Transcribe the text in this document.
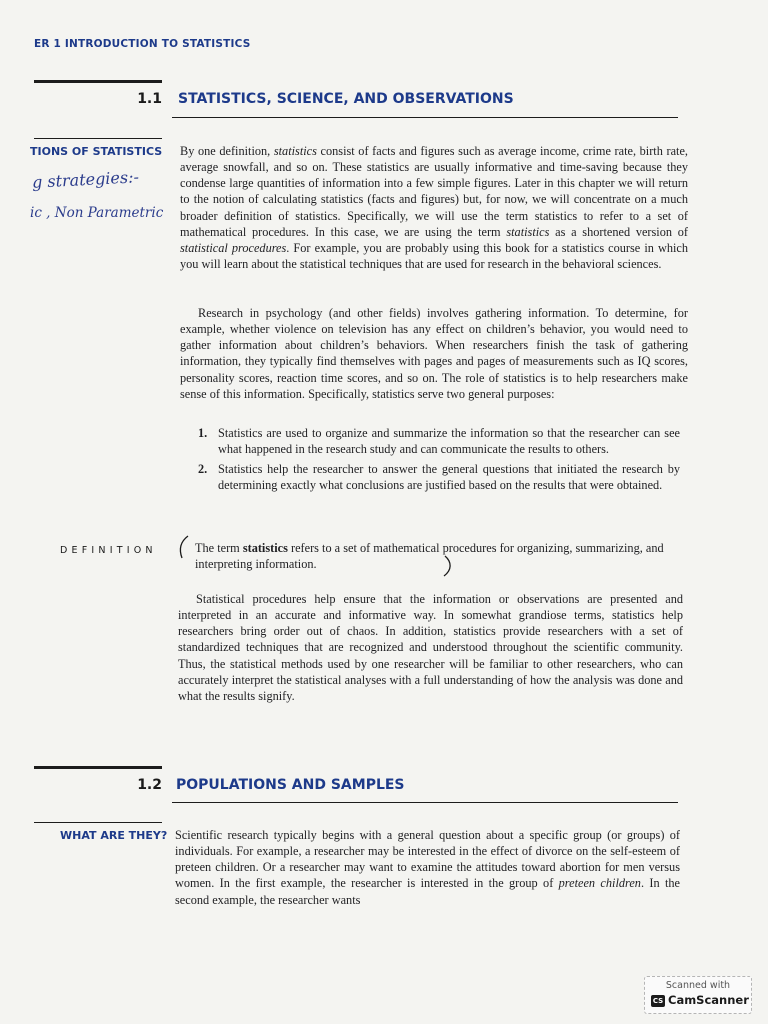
ER 1 INTRODUCTION TO STATISTICS
1.1 STATISTICS, SCIENCE, AND OBSERVATIONS
TIONS OF STATISTICS
g strategies:-
ic , Non Parametric

By one definition, statistics consist of facts and figures such as average income, crime rate, birth rate, average snowfall, and so on. These statistics are usually informative and time-saving because they condense large quantities of information into a few simple figures. Later in this chapter we will return to the notion of calculating statistics (facts and figures) but, for now, we will concentrate on a much broader definition of statistics. Specifically, we will use the term statistics to refer to a set of mathematical procedures. In this case, we are using the term statistics as a shortened version of statistical procedures. For example, you are probably using this book for a statistics course in which you will learn about the statistical techniques that are used for research in the behavioral sciences.

Research in psychology (and other fields) involves gathering information. To determine, for example, whether violence on television has any effect on children’s behavior, you would need to gather information about children’s behaviors. When researchers finish the task of gathering information, they typically find themselves with pages and pages of measurements such as IQ scores, personality scores, reaction time scores, and so on. The role of statistics is to help researchers make sense of this information. Specifically, statistics serve two general purposes:

1. Statistics are used to organize and summarize the information so that the researcher can see what happened in the research study and can communicate the results to others.
2. Statistics help the researcher to answer the general questions that initiated the research by determining exactly what conclusions are justified based on the results that were obtained.
DEFINITION	The term statistics refers to a set of mathematical procedures for organizing, summarizing, and interpreting information.

Statistical procedures help ensure that the information or observations are presented and interpreted in an accurate and informative way. In somewhat grandiose terms, statistics help researchers bring order out of chaos. In addition, statistics provide researchers with a set of standardized techniques that are recognized and understood throughout the scientific community. Thus, the statistical methods used by one researcher will be familiar to other researchers, who can accurately interpret the statistical analyses with a full understanding of how the analysis was done and what the results signify.

1.2 POPULATIONS AND SAMPLES
WHAT ARE THEY? Scientific research typically begins with a general question about a specific group (or groups) of individuals. For example, a researcher may be interested in the effect of divorce on the self-esteem of preteen children. Or a researcher may want to examine the attitudes toward abortion for men versus women. In the first example, the researcher is interested in the group of preteen children. In the second example, the researcher wants

Scanned with
CS CamScanner
